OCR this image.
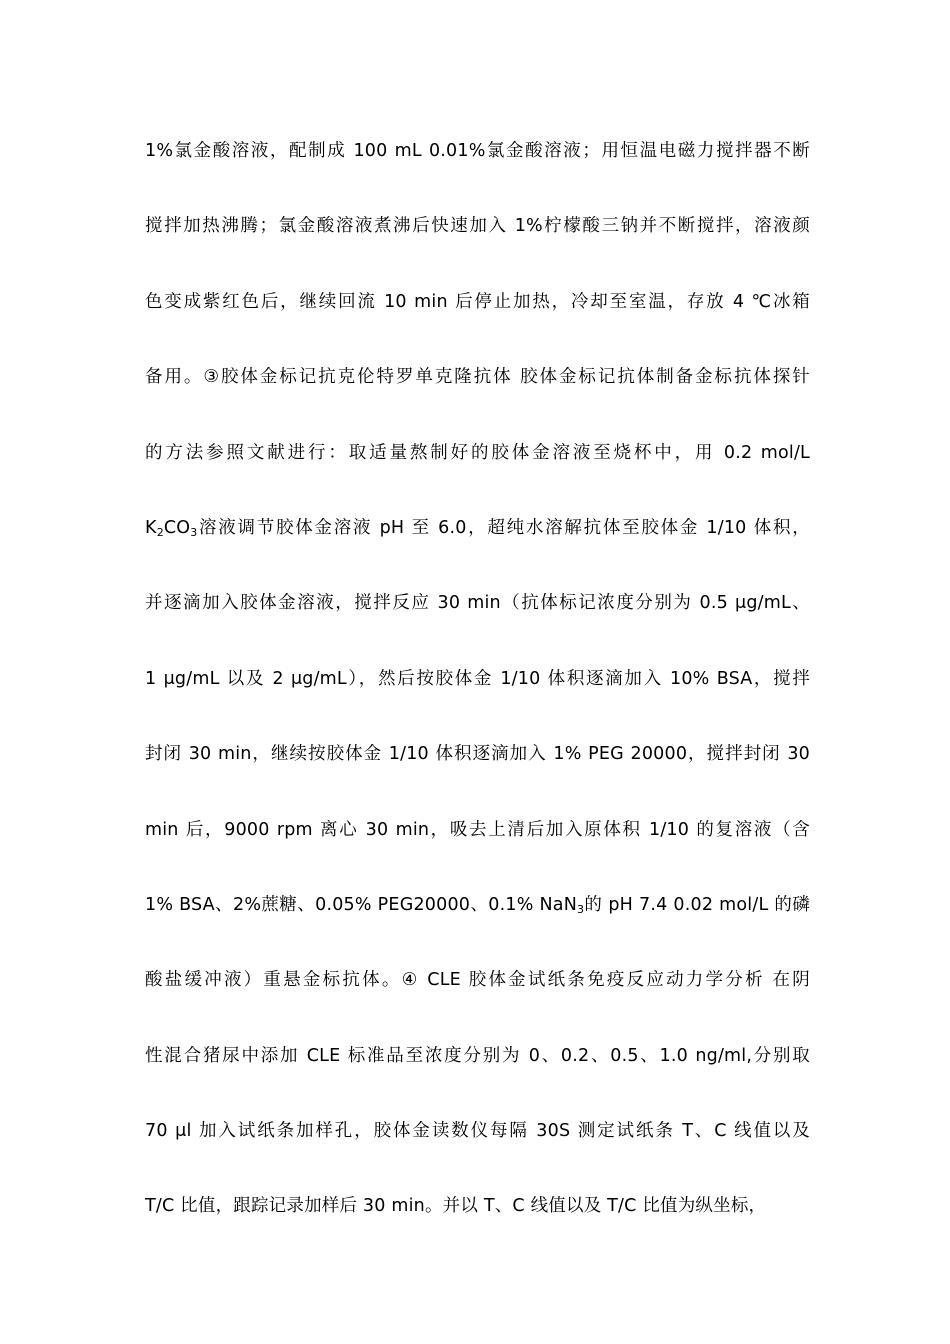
1%氯金酸溶液，配制成 100 mL 0.01%氯金酸溶液；用恒温电磁力搅拌器不断
搅拌加热沸腾；氯金酸溶液煮沸后快速加入 1%柠檬酸三钠并不断搅拌，溶液颜
色变成紫红色后，继续回流 10 min 后停止加热，冷却至室温，存放 4 ℃冰箱
备用。③胶体金标记抗克伦特罗单克隆抗体 胶体金标记抗体制备金标抗体探针
的方法参照文献进行：取适量熬制好的胶体金溶液至烧杯中，用 0.2 mol/L
$K_2CO_3$溶液调节胶体金溶液 pH 至 6.0，超纯水溶解抗体至胶体金 1/10 体积，
并逐滴加入胶体金溶液，搅拌反应 30 min（抗体标记浓度分别为 0.5 μg/mL、
1 μg/mL 以及 2 μg/mL），然后按胶体金 1/10 体积逐滴加入 10% BSA，搅拌
封闭 30 min，继续按胶体金 1/10 体积逐滴加入 1% PEG 20000，搅拌封闭 30
min 后，9000 rpm 离心 30 min，吸去上清后加入原体积 1/10 的复溶液（含
1% BSA、2%蔗糖、0.05% PEG20000、0.1% NaN$_3$的 pH 7.4 0.02 mol/L 的磷
酸盐缓冲液）重悬金标抗体。④ CLE 胶体金试纸条免疫反应动力学分析 在阴
性混合猪尿中添加 CLE 标准品至浓度分别为 0、0.2、0.5、1.0 ng/ml,分别取
70 μl 加入试纸条加样孔，胶体金读数仪每隔 30S 测定试纸条 T、C 线值以及
T/C 比值，跟踪记录加样后 30 min。并以 T、C 线值以及 T/C 比值为纵坐标，
